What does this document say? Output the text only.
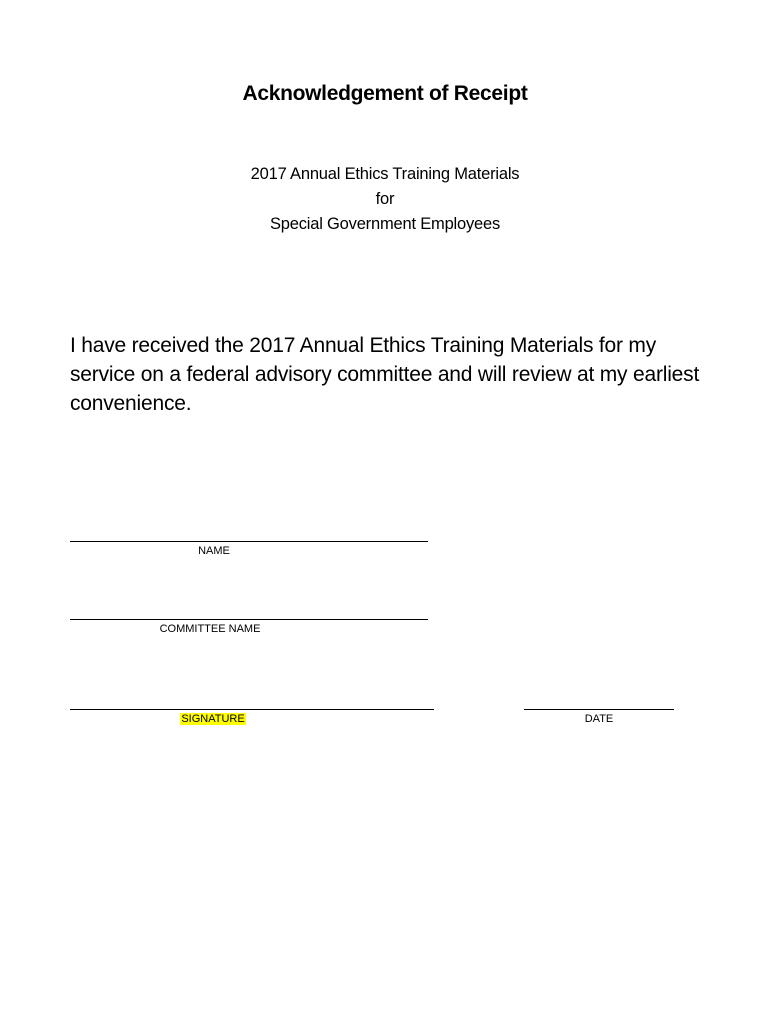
Acknowledgement of Receipt
2017 Annual Ethics Training Materials
for
Special Government Employees
I have received the 2017 Annual Ethics Training Materials for my service on a federal advisory committee and will review at my earliest convenience.
NAME
COMMITTEE NAME
SIGNATURE	DATE
